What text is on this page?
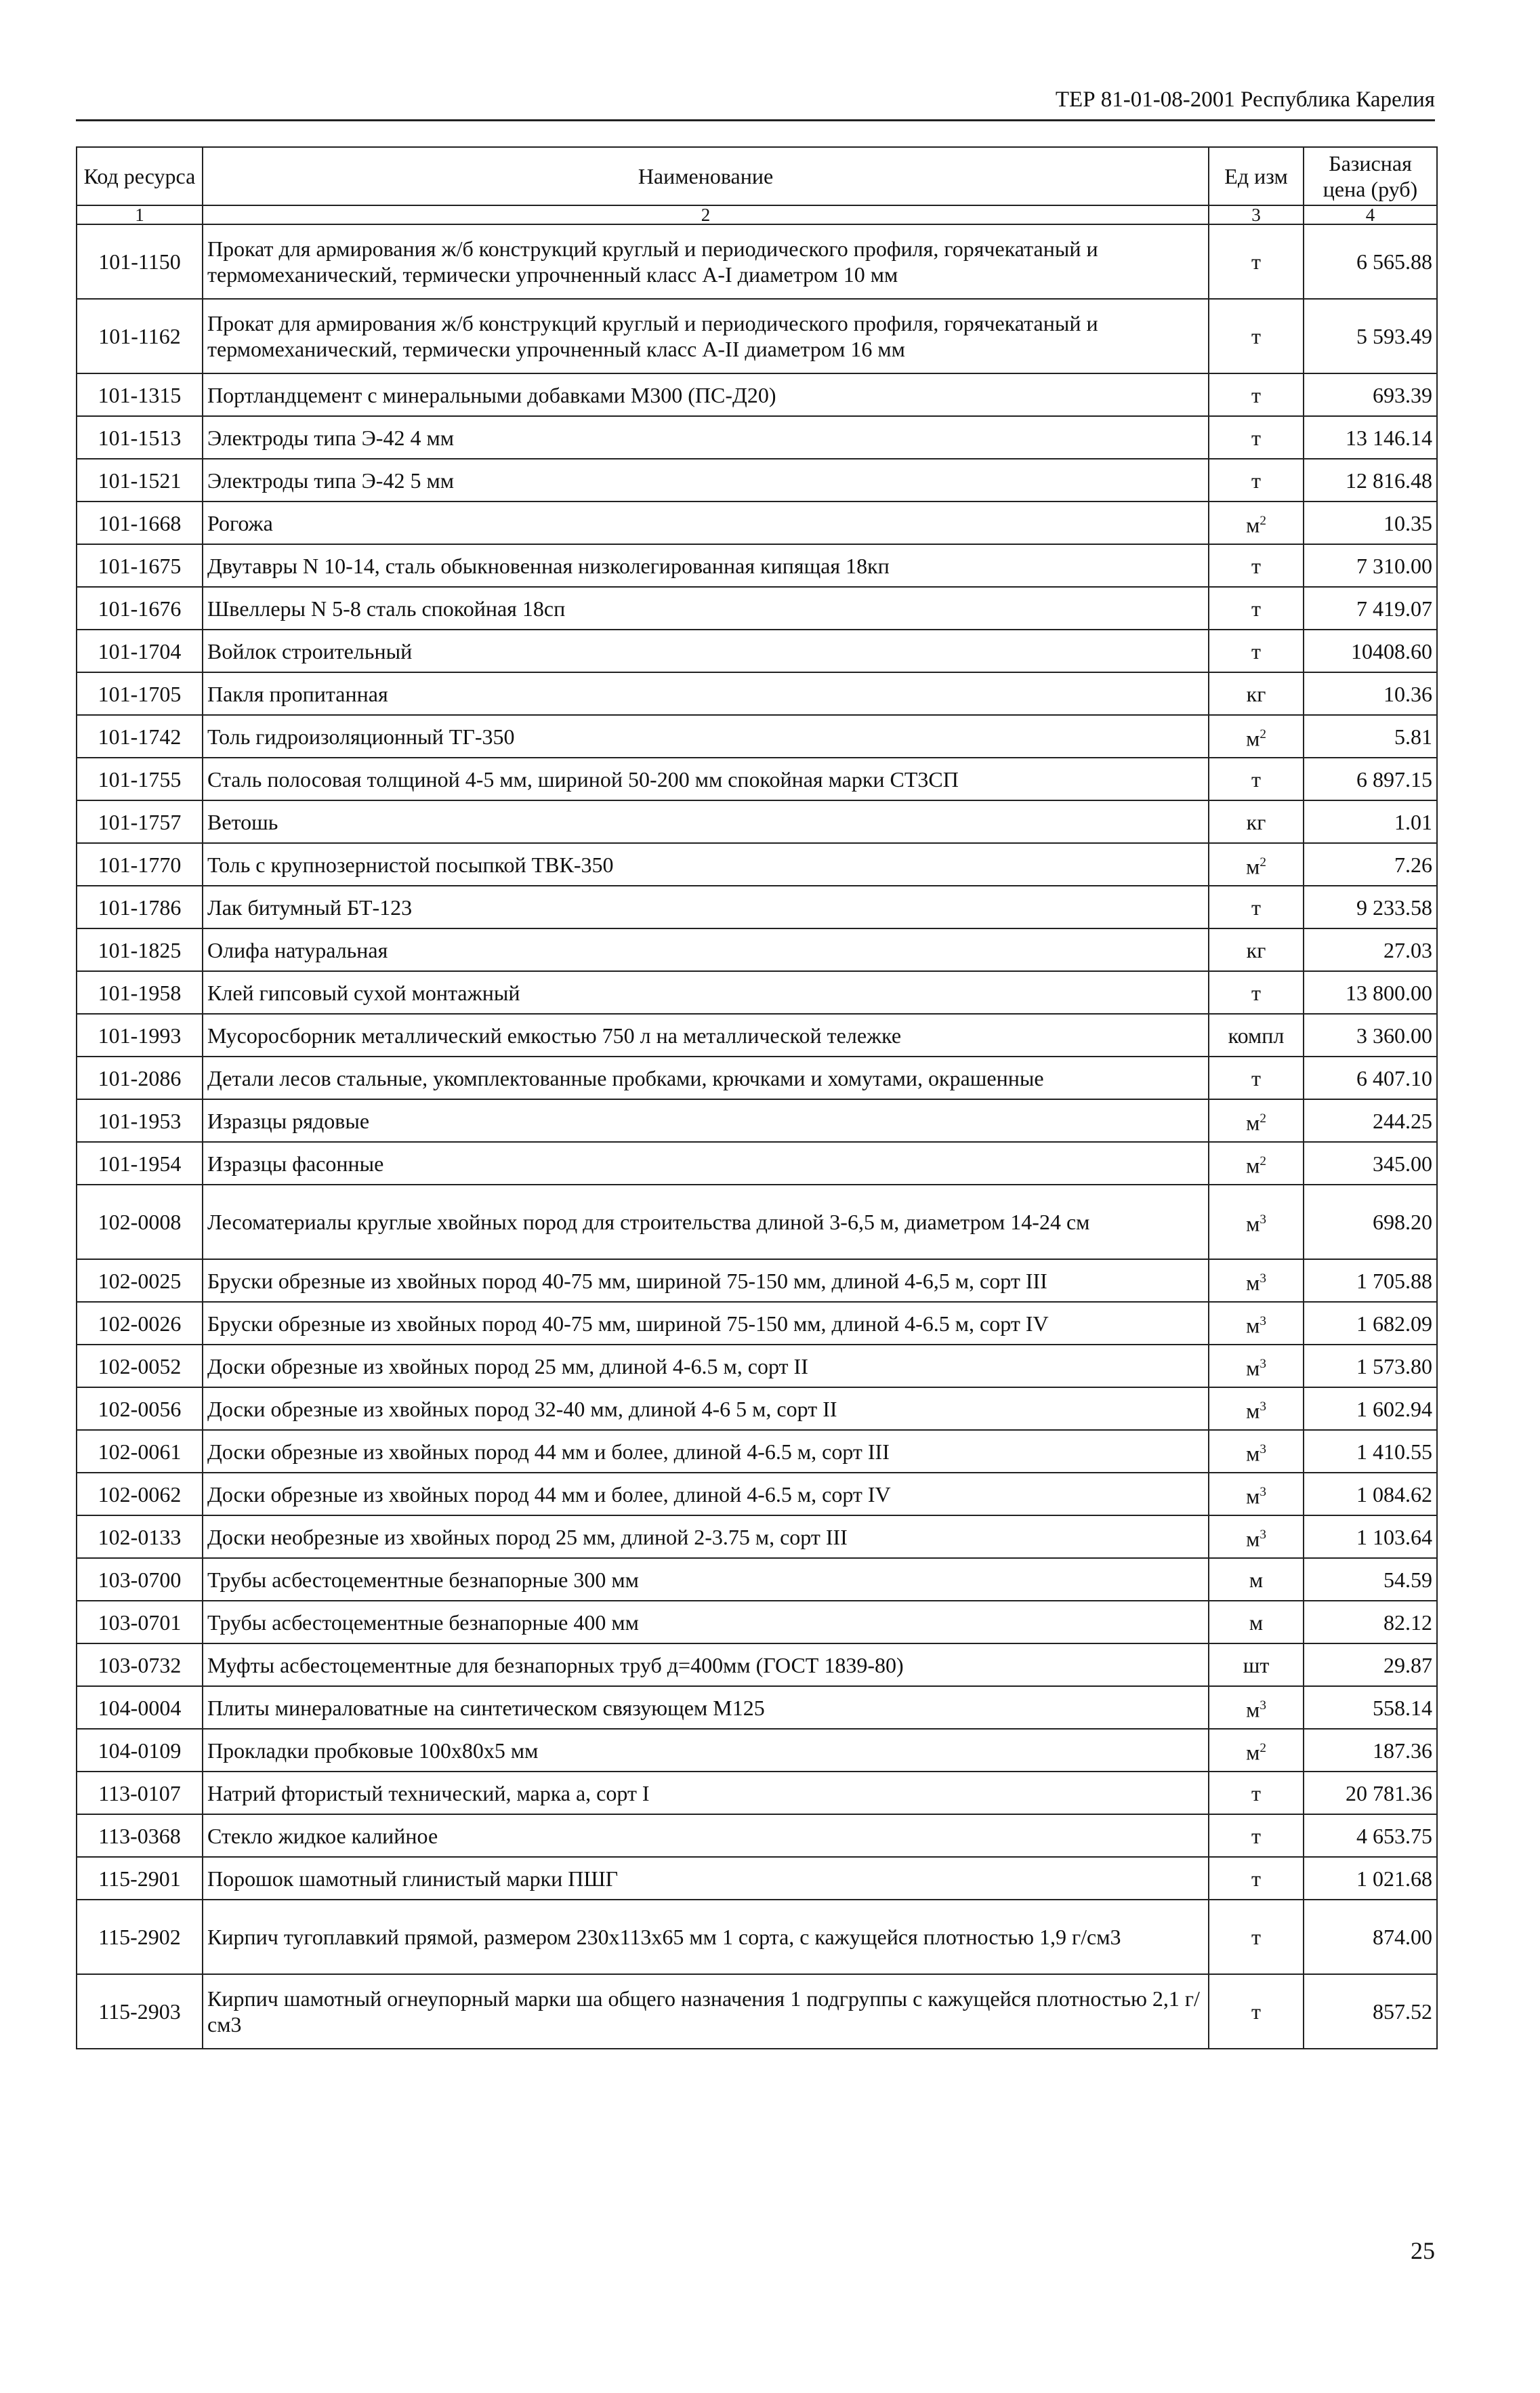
ТЕР 81-01-08-2001 Республика Карелия
Код ресурса	Наименование	Ед изм	Базисная цена (руб)
1	2	3	4
101-1150	Прокат для армирования ж/б конструкций круглый и периодического профиля, горячекатаный и термомеханический, термически упрочненный класс А-I диаметром 10 мм	т	6 565.88
101-1162	Прокат для армирования ж/б конструкций круглый и периодического профиля, горячекатаный и термомеханический, термически упрочненный класс А-II диаметром 16 мм	т	5 593.49
101-1315	Портландцемент с минеральными добавками М300 (ПС-Д20)	т	693.39
101-1513	Электроды типа Э-42 4 мм	т	13 146.14
101-1521	Электроды типа Э-42 5 мм	т	12 816.48
101-1668	Рогожа	$м^2$	10.35
101-1675	Двутавры N 10-14, сталь обыкновенная низколегированная кипящая 18кп	т	7 310.00
101-1676	Швеллеры N 5-8 сталь спокойная 18сп	т	7 419.07
101-1704	Войлок строительный	т	10408.60
101-1705	Пакля пропитанная	кг	10.36
101-1742	Толь гидроизоляционный ТГ-350	$м^2$	5.81
101-1755	Сталь полосовая толщиной 4-5 мм, шириной 50-200 мм спокойная марки СТ3СП	т	6 897.15
101-1757	Ветошь	кг	1.01
101-1770	Толь с крупнозернистой посыпкой ТВК-350	$м^2$	7.26
101-1786	Лак битумный БТ-123	т	9 233.58
101-1825	Олифа натуральная	кг	27.03
101-1958	Клей гипсовый сухой монтажный	т	13 800.00
101-1993	Мусоросборник металлический емкостью 750 л на металлической тележке	компл	3 360.00
101-2086	Детали лесов стальные, укомплектованные пробками, крючками и хомутами, окрашенные	т	6 407.10
101-1953	Изразцы рядовые	$м^2$	244.25
101-1954	Изразцы фасонные	$м^2$	345.00
102-0008	Лесоматериалы круглые хвойных пород для строительства длиной 3-6,5 м, диаметром 14-24 см	$м^3$	698.20
102-0025	Бруски обрезные из хвойных пород 40-75 мм, шириной 75-150 мм, длиной 4-6,5 м, сорт III	$м^3$	1 705.88
102-0026	Бруски обрезные из хвойных пород 40-75 мм, шириной 75-150 мм, длиной 4-6.5 м, сорт IV	$м^3$	1 682.09
102-0052	Доски обрезные из хвойных пород 25 мм, длиной 4-6.5 м, сорт II	$м^3$	1 573.80
102-0056	Доски обрезные из хвойных пород 32-40 мм, длиной 4-6 5 м, сорт II	$м^3$	1 602.94
102-0061	Доски обрезные из хвойных пород 44 мм и более, длиной 4-6.5 м, сорт III	$м^3$	1 410.55
102-0062	Доски обрезные из хвойных пород 44 мм и более, длиной 4-6.5 м, сорт IV	$м^3$	1 084.62
102-0133	Доски необрезные из хвойных пород 25 мм, длиной 2-3.75 м, сорт III	$м^3$	1 103.64
103-0700	Трубы асбестоцементные безнапорные 300 мм	м	54.59
103-0701	Трубы асбестоцементные безнапорные 400 мм	м	82.12
103-0732	Муфты асбестоцементные для безнапорных труб д=400мм (ГОСТ 1839-80)	шт	29.87
104-0004	Плиты минераловатные на синтетическом связующем М125	$м^3$	558.14
104-0109	Прокладки пробковые 100х80х5 мм	$м^2$	187.36
113-0107	Натрий фтористый технический, марка а, сорт I	т	20 781.36
113-0368	Стекло жидкое калийное	т	4 653.75
115-2901	Порошок шамотный глинистый марки ПШГ	т	1 021.68
115-2902	Кирпич тугоплавкий прямой, размером 230х113х65 мм 1 сорта, с кажущейся плотностью 1,9 г/см3	т	874.00
115-2903	Кирпич шамотный огнеупорный марки ша общего назначения 1 подгруппы с кажущейся плотностью 2,1 г/см3	т	857.52
25
